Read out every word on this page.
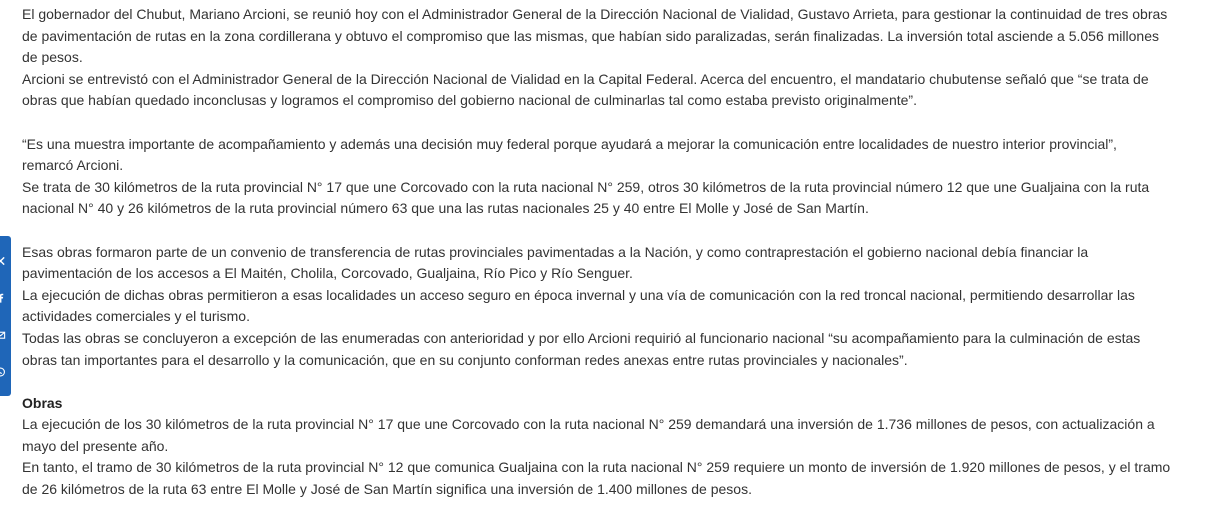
El gobernador del Chubut, Mariano Arcioni, se reunió hoy con el Administrador General de la Dirección Nacional de Vialidad, Gustavo Arrieta, para gestionar la continuidad de tres obras de pavimentación de rutas en la zona cordillerana y obtuvo el compromiso que las mismas, que habían sido paralizadas, serán finalizadas. La inversión total asciende a 5.056 millones de pesos.

Arcioni se entrevistó con el Administrador General de la Dirección Nacional de Vialidad en la Capital Federal. Acerca del encuentro, el mandatario chubutense señaló que “se trata de obras que habían quedado inconclusas y logramos el compromiso del gobierno nacional de culminarlas tal como estaba previsto originalmente”.

“Es una muestra importante de acompañamiento y además una decisión muy federal porque ayudará a mejorar la comunicación entre localidades de nuestro interior provincial”, remarcó Arcioni.

Se trata de 30 kilómetros de la ruta provincial N° 17 que une Corcovado con la ruta nacional N° 259, otros 30 kilómetros de la ruta provincial número 12 que une Gualjaina con la ruta nacional N° 40 y 26 kilómetros de la ruta provincial número 63 que una las rutas nacionales 25 y 40 entre El Molle y José de San Martín.

Esas obras formaron parte de un convenio de transferencia de rutas provinciales pavimentadas a la Nación, y como contraprestación el gobierno nacional debía financiar la pavimentación de los accesos a El Maitén, Cholila, Corcovado, Gualjaina, Río Pico y Río Senguer.

La ejecución de dichas obras permitieron a esas localidades un acceso seguro en época invernal y una vía de comunicación con la red troncal nacional, permitiendo desarrollar las actividades comerciales y el turismo.

Todas las obras se concluyeron a excepción de las enumeradas con anterioridad y por ello Arcioni requirió al funcionario nacional “su acompañamiento para la culminación de estas obras tan importantes para el desarrollo y la comunicación, que en su conjunto conforman redes anexas entre rutas provinciales y nacionales”.

Obras

La ejecución de los 30 kilómetros de la ruta provincial N° 17 que une Corcovado con la ruta nacional N° 259 demandará una inversión de 1.736 millones de pesos, con actualización a mayo del presente año.

En tanto, el tramo de 30 kilómetros de la ruta provincial N° 12 que comunica Gualjaina con la ruta nacional N° 259 requiere un monto de inversión de 1.920 millones de pesos, y el tramo de 26 kilómetros de la ruta 63 entre El Molle y José de San Martín significa una inversión de 1.400 millones de pesos.
